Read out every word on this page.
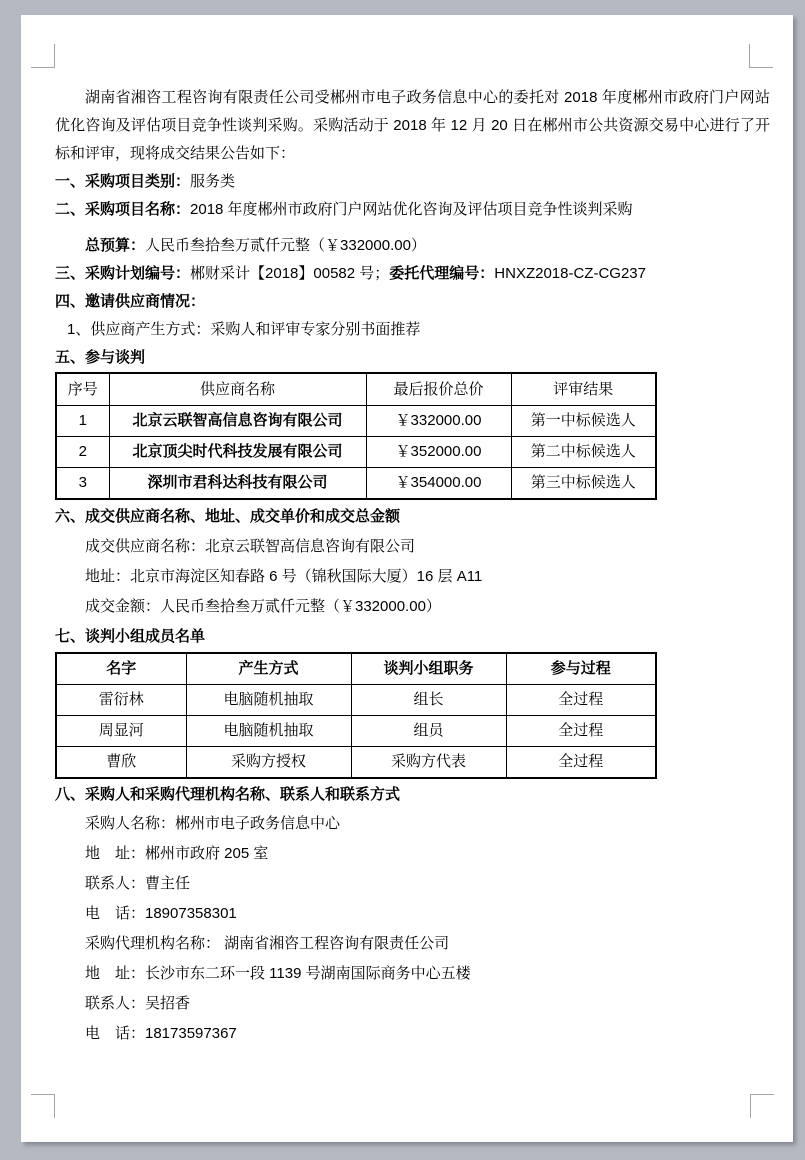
湖南省湘咨工程咨询有限责任公司受郴州市电子政务信息中心的委托对 2018 年度郴州市政府门户网站优化咨询及评估项目竞争性谈判采购。采购活动于 2018 年 12 月 20 日在郴州市公共资源交易中心进行了开标和评审，现将成交结果公告如下：

一、采购项目类别：服务类
二、采购项目名称：2018 年度郴州市政府门户网站优化咨询及评估项目竞争性谈判采购
总预算：人民币叁拾叁万贰仟元整（￥332000.00）
三、采购计划编号：郴财采计【2018】00582 号；委托代理编号：HNXZ2018-CZ-CG237
四、邀请供应商情况：
1、供应商产生方式：采购人和评审专家分别书面推荐
五、参与谈判
序号	供应商名称	最后报价总价	评审结果
1	北京云联智高信息咨询有限公司	￥332000.00	第一中标候选人
2	北京顶尖时代科技发展有限公司	￥352000.00	第二中标候选人
3	深圳市君科达科技有限公司	￥354000.00	第三中标候选人
六、成交供应商名称、地址、成交单价和成交总金额
成交供应商名称：北京云联智高信息咨询有限公司
地址：北京市海淀区知春路 6 号（锦秋国际大厦）16 层 A11
成交金额：人民币叁拾叁万贰仟元整（￥332000.00）
七、谈判小组成员名单
名字	产生方式	谈判小组职务	参与过程
雷衍林	电脑随机抽取	组长	全过程
周显河	电脑随机抽取	组员	全过程
曹欣	采购方授权	采购方代表	全过程
八、采购人和采购代理机构名称、联系人和联系方式
采购人名称：郴州市电子政务信息中心
地　址：郴州市政府 205 室
联系人：曹主任
电　话：18907358301
采购代理机构名称： 湖南省湘咨工程咨询有限责任公司
地　址：长沙市东二环一段 1139 号湖南国际商务中心五楼
联系人：吴招香
电　话：18173597367
